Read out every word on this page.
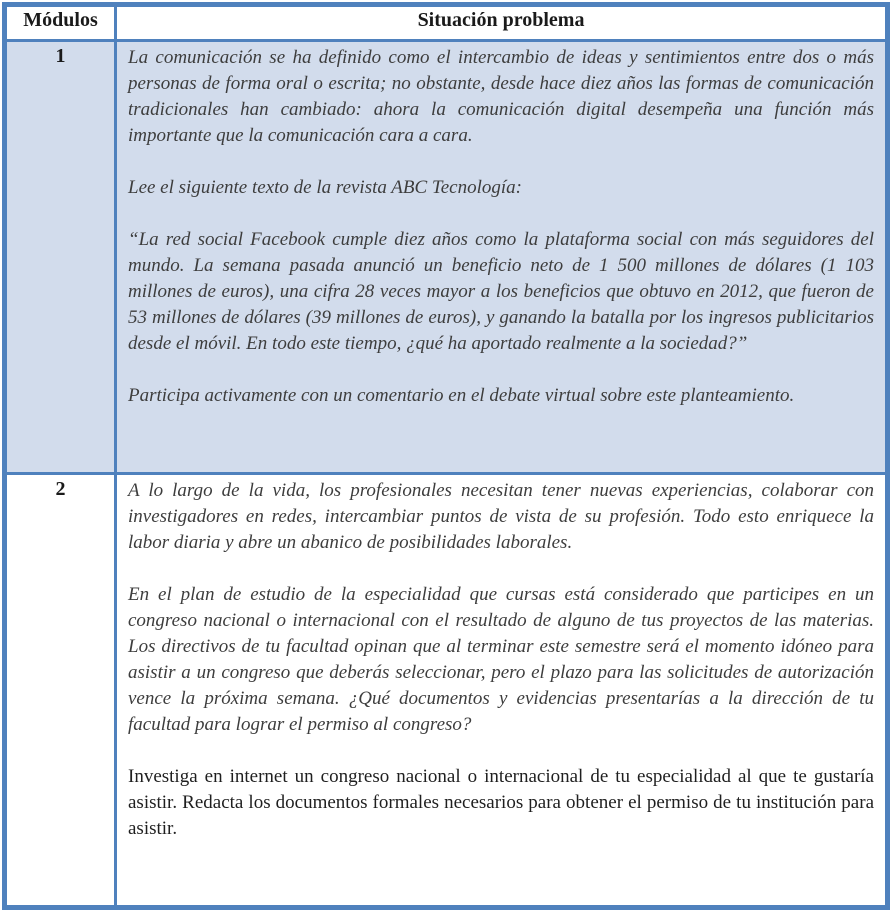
Módulos	Situación problema
1	La comunicación se ha definido como el intercambio de ideas y sentimientos entre dos o más personas de forma oral o escrita; no obstante, desde hace diez años las formas de comunicación tradicionales han cambiado: ahora la comunicación digital desempeña una función más importante que la comunicación cara a cara.

Lee el siguiente texto de la revista ABC Tecnología:

“La red social Facebook cumple diez años como la plataforma social con más seguidores del mundo. La semana pasada anunció un beneficio neto de 1 500 millones de dólares (1 103 millones de euros), una cifra 28 veces mayor a los beneficios que obtuvo en 2012, que fueron de 53 millones de dólares (39 millones de euros), y ganando la batalla por los ingresos publicitarios desde el móvil. En todo este tiempo, ¿qué ha aportado realmente a la sociedad?”

Participa activamente con un comentario en el debate virtual sobre este planteamiento.

2	A lo largo de la vida, los profesionales necesitan tener nuevas experiencias, colaborar con investigadores en redes, intercambiar puntos de vista de su profesión. Todo esto enriquece la labor diaria y abre un abanico de posibilidades laborales.

En el plan de estudio de la especialidad que cursas está considerado que participes en un congreso nacional o internacional con el resultado de alguno de tus proyectos de las materias. Los directivos de tu facultad opinan que al terminar este semestre será el momento idóneo para asistir a un congreso que deberás seleccionar, pero el plazo para las solicitudes de autorización vence la próxima semana. ¿Qué documentos y evidencias presentarías a la dirección de tu facultad para lograr el permiso al congreso?

Investiga en internet un congreso nacional o internacional de tu especialidad al que te gustaría asistir. Redacta los documentos formales necesarios para obtener el permiso de tu institución para asistir.
